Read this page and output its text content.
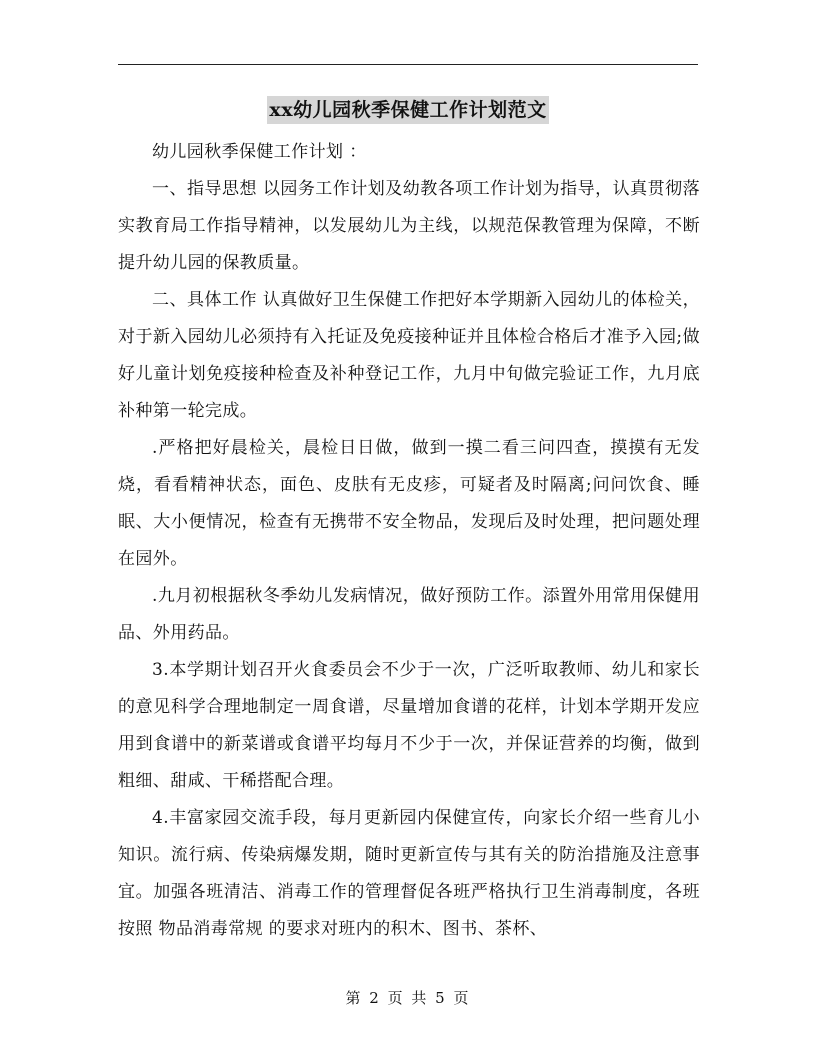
xx幼儿园秋季保健工作计划范文

幼儿园秋季保健工作计划 ：

一、指导思想 以园务工作计划及幼教各项工作计划为指导，认真贯彻落实教育局工作指导精神，以发展幼儿为主线，以规范保教管理为保障，不断提升幼儿园的保教质量。

二、具体工作 认真做好卫生保健工作把好本学期新入园幼儿的体检关，对于新入园幼儿必须持有入托证及免疫接种证并且体检合格后才准予入园;做好儿童计划免疫接种检查及补种登记工作，九月中旬做完验证工作，九月底补种第一轮完成。

.严格把好晨检关，晨检日日做，做到一摸二看三问四查，摸摸有无发烧，看看精神状态，面色、皮肤有无皮疹，可疑者及时隔离;问问饮食、睡眠、大小便情况，检查有无携带不安全物品，发现后及时处理，把问题处理在园外。

.九月初根据秋冬季幼儿发病情况，做好预防工作。添置外用常用保健用品、外用药品。

3.本学期计划召开火食委员会不少于一次，广泛听取教师、幼儿和家长的意见科学合理地制定一周食谱，尽量增加食谱的花样，计划本学期开发应用到食谱中的新菜谱或食谱平均每月不少于一次，并保证营养的均衡，做到粗细、甜咸、干稀搭配合理。

4.丰富家园交流手段，每月更新园内保健宣传，向家长介绍一些育儿小知识。流行病、传染病爆发期，随时更新宣传与其有关的防治措施及注意事宜。加强各班清洁、消毒工作的管理督促各班严格执行卫生消毒制度，各班按照 物品消毒常规 的要求对班内的积木、图书、茶杯、

第 2 页 共 5 页
